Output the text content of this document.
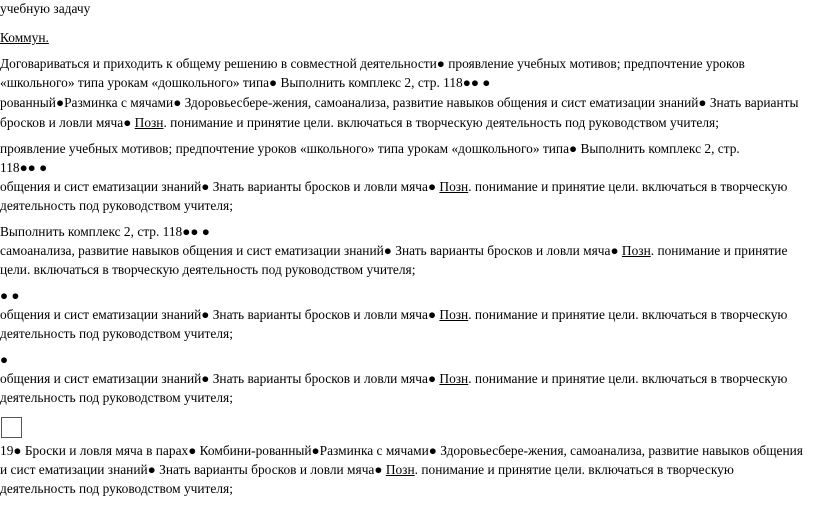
учебную задачу
Коммун.
Договариваться и приходить к общему решению в совместной деятельности● проявление учебных мотивов; предпочтение уроков
«школьного» типа урокам «дошкольного» типа● Выполнить комплекс 2, стр. 118●● ●
рованный●Разминка с мячами● Здоровьесбере-жения, самоанализа, развитие навыков общения и сист ематизации знаний● Знать варианты
бросков и ловли мяча● Позн. понимание и принятие цели. включаться в творческую деятельность под руководством учителя;
проявление учебных мотивов; предпочтение уроков «школьного» типа урокам «дошкольного» типа● Выполнить комплекс 2, стр.
118●● ●
общения и сист ематизации знаний● Знать варианты бросков и ловли мяча● Позн. понимание и принятие цели. включаться в творческую
деятельность под руководством учителя;
Выполнить комплекс 2, стр. 118●● ●
самоанализа, развитие навыков общения и сист ематизации знаний● Знать варианты бросков и ловли мяча● Позн. понимание и принятие
цели. включаться в творческую деятельность под руководством учителя;
● ●
общения и сист ематизации знаний● Знать варианты бросков и ловли мяча● Позн. понимание и принятие цели. включаться в творческую
деятельность под руководством учителя;
●
общения и сист ематизации знаний● Знать варианты бросков и ловли мяча● Позн. понимание и принятие цели. включаться в творческую
деятельность под руководством учителя;
19● Броски и ловля мяча в парах● Комбини-рованный●Разминка с мячами● Здоровьесбере-жения, самоанализа, развитие навыков общения
и сист ематизации знаний● Знать варианты бросков и ловли мяча● Позн. понимание и принятие цели. включаться в творческую
деятельность под руководством учителя;
